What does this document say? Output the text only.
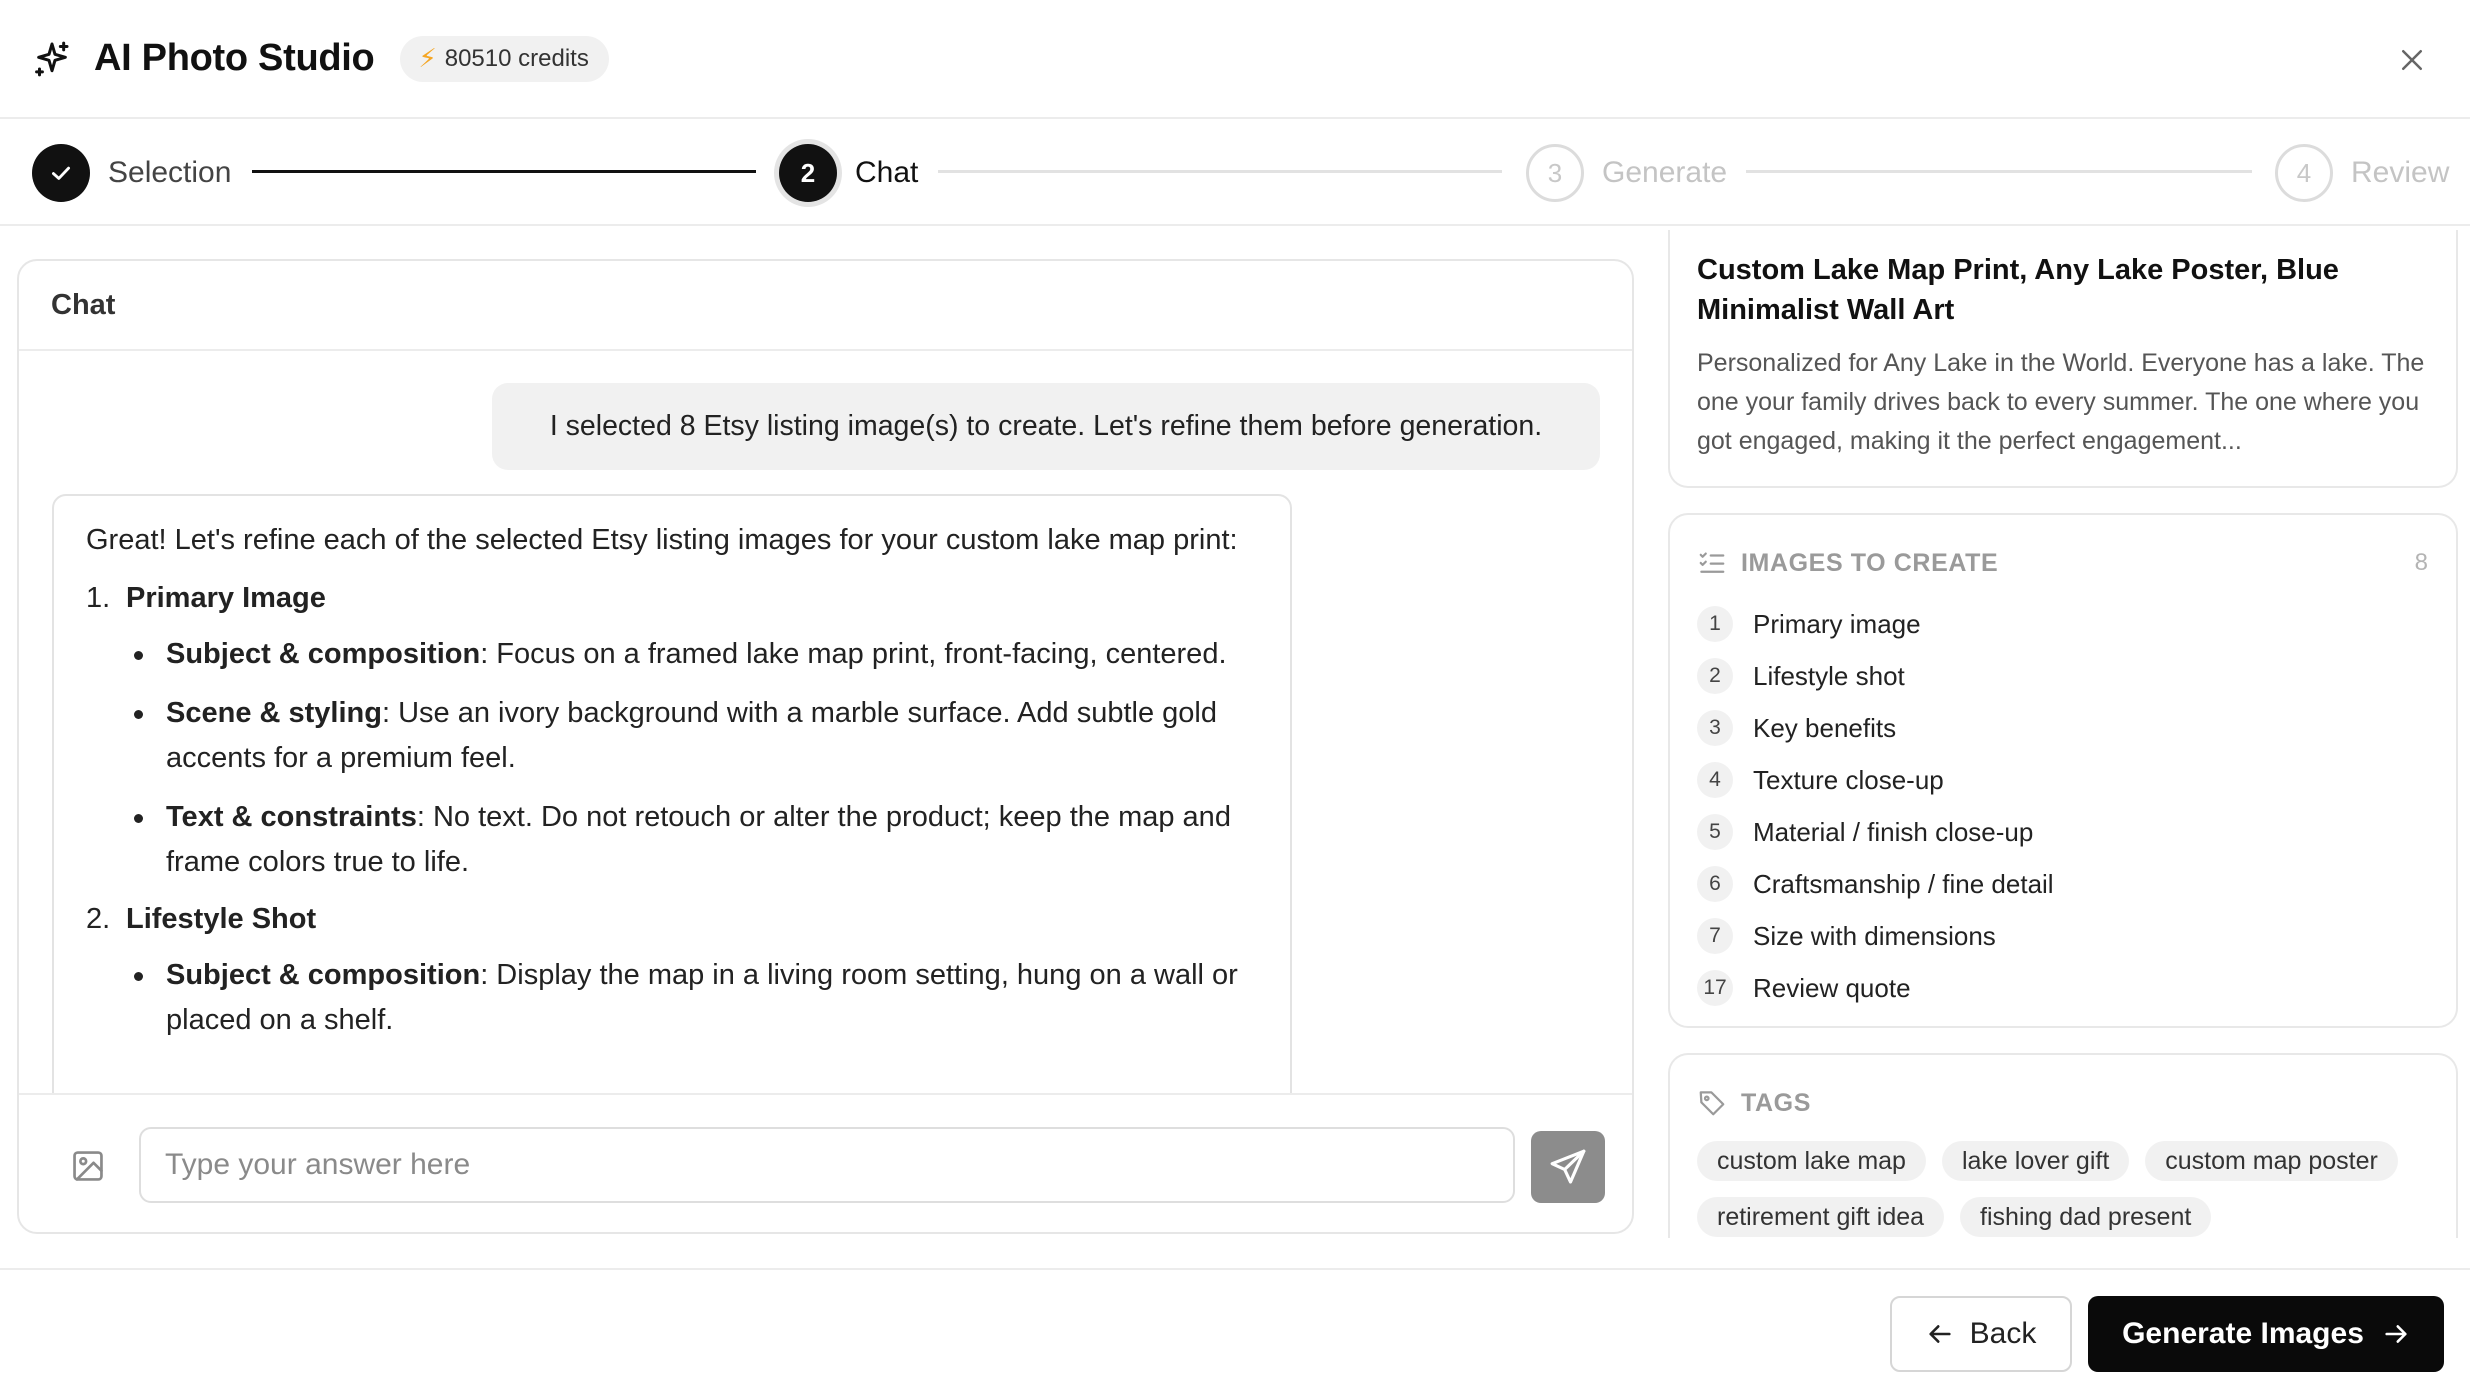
AI Photo Studio ⚡ 80510 credits
Selection	2	Chat	3	Generate	4	Review
Chat
I selected 8 Etsy listing image(s) to create. Let's refine them before generation.

Great! Let's refine each of the selected Etsy listing images for your custom lake map print:

1. Primary Image
Subject & composition: Focus on a framed lake map print, front-facing, centered.
Scene & styling: Use an ivory background with a marble surface. Add subtle gold accents for a premium feel.
Text & constraints: No text. Do not retouch or alter the product; keep the map and frame colors true to life.
2. Lifestyle Shot
Subject & composition: Display the map in a living room setting, hung on a wall or placed on a shelf.
Type your answer here
Custom Lake Map Print, Any Lake Poster, Blue Minimalist Wall Art
Personalized for Any Lake in the World. Everyone has a lake. The one your family drives back to every summer. The one where you got engaged, making it the perfect engagement...
IMAGES TO CREATE	8
1	Primary image
2	Lifestyle shot
3	Key benefits
4	Texture close-up
5	Material / finish close-up
6	Craftsmanship / fine detail
7	Size with dimensions
17 Review quote
TAGS
custom lake map	lake lover gift	custom map poster
retirement gift idea	fishing dad present
Back	Generate Images
